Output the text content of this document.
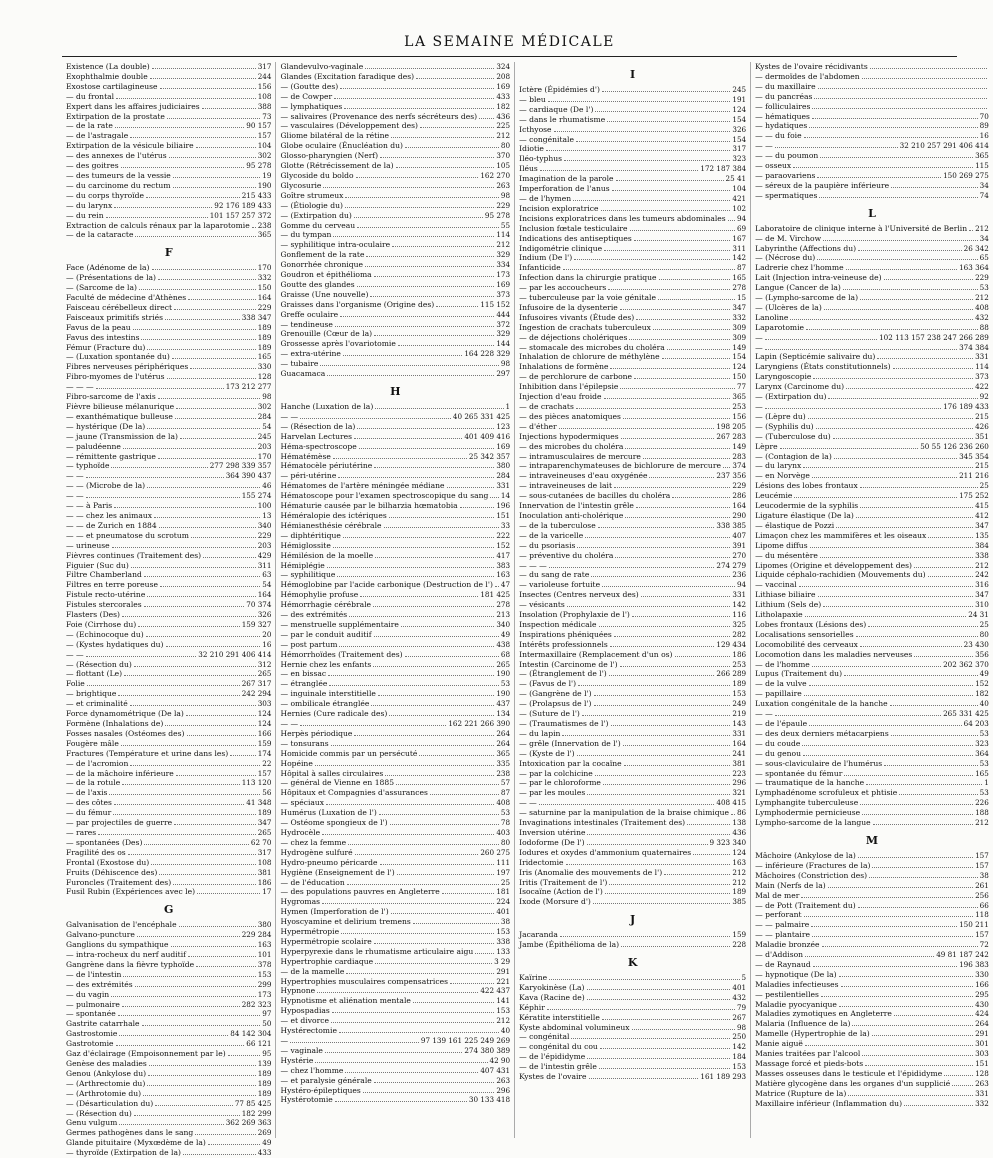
LA SEMAINE MÉDICALE
Existence (La double)	317
Exophthalmie double	244
Exostose cartilagineuse	156
— du frontal	108
Expert dans les affaires judiciaires	388
Extirpation de la prostate	73
— de la rate	90 157
— de l'astragale	157
Extirpation de la vésicule biliaire	104
— des annexes de l'utérus	302
— des goitres	95 278
— des tumeurs de la vessie	19
— du carcinome du rectum	190
— du corps thyroïde	215 433
— du larynx	92 176 189 433
— du rein	101 157 257 372
Extraction de calculs rénaux par la laparotomie 238
— de la cataracte	365
F
Face (Adénome de la)	170
— (Présentations de la)	332
— (Sarcome de la)	150
Faculté de médecine d'Athènes	164
Faisceau cérébelleux direct	229
Faisceaux primitifs striés	338 347
Favus de la peau	189
Favus des intestins	189
Fémur (Fracture du)	189
— (Luxation spontanée du)	165
Fibres nerveuses périphériques	330
Fibro-myomes de l'utérus	128
— — —	173 212 277
Fibro-sarcome de l'axis	98
Fièvre bilieuse mélanurique	302
— exanthématique bulleuse	284
— hystérique (De la)	54
— jaune (Transmission de la)	245
— paludéenne	203
— rémittente gastrique	170
— typhoïde	277 298 339 357
— —	364 390 437
— — (Microbe de la)	46
— —	155 274
— — à Paris	100
— — chez les animaux	13
— — de Zurich en 1884	340
— — et pneumatose du scrotum	229
— urineuse	203
Fièvres continues (Traitement des)	429
Figuier (Suc du)	311
Filtre Chamberland	63
Filtres en terre poreuse	54
Fistule recto-utérine	164
Fistules stercorales	70 374
Flasters (Des)	326
Foie (Cirrhose du)	159 327
— (Echinocoque du)	20
— (Kystes hydatiques du)	16
— —	32 210 291 406 414
— (Résection du)	312
— flottant (Le)	265
Folie	267 317
— brightique	242 294
— et criminalité	303
Force dynamométrique (De la)	124
Formène (Inhalations de)	124
Fosses nasales (Ostéomes des)	166
Fougère mâle	159
Fractures (Température et urine dans les)	174
— de l'acromion	22
— de la mâchoire inférieure	157
— de la rotule	113 120
— de l'axis	56
— des côtes	41 348
— du fémur	189
— par projectiles de guerre	347
— rares	265
— spontanées (Des)	62 70
Fragilité des os	317
Frontal (Exostose du)	108
Fruits (Déhiscence des)	381
Furoncles (Traitement des)	186
Fusil Rubin (Expériences avec le)	17
G
Galvanisation de l'encéphale	380
Galvano-puncture	229 284
Ganglions du sympathique	163
— intra-rocheux du nerf auditif	101
Gangrène dans la fièvre typhoïde	378
— de l'intestin	153
— des extrémités	299
— du vagin	173
— pulmonaire	282 323
— spontanée	97
Gastrite catarrhale	50
Gastrostomie	84 142 304
Gastrotomie	66 121
Gaz d'éclairage (Empoisonnement par le)	95
Genèse des maladies	139
Genou (Ankylose du)	189
— (Arthrectomie du)	189
— (Arthrotomie du)	189
— (Désarticulation du)	77 85 425
— (Résection du)	182 299
Genu vulgum	362 269 363
Germes pathogènes dans le sang	269
Glande pituitaire (Myxœdème de la)	49
— thyroïde (Extirpation de la)	433
Glandevulvo-vaginale	324
Glandes (Excitation faradique des)	208
— (Goutte des)	169
— de Cowper	433
— lymphatiques	182
— salivaires (Provenance des nerfs sécréteurs des)	436
— vasculaires (Développement des)	225
Gliome bilatéral de la rétine	212
Globe oculaire (Énucléation du)	80
Glosso-pharyngien (Nerf)	370
Glotte (Rétrécissement de la)	105
Glycoside du boldo	162 270
Glycosurie	263
Goître strumeux	98
— (Étiologie du)	229
— (Extirpation du)	95 278
Gomme du cerveau	55
— du tympan	114
— syphilitique intra-oculaire	212
Gonflement de la rate	329
Gonorrhée chronique	334
Goudron et épithélioma	173
Goutte des glandes	169
Graisse (Une nouvelle)	373
Graisses dans l'organisme (Origine des)	115 152
Greffe oculaire	444
— tendineuse	372
Grenouille (Cœur de la)	329
Grossesse après l'ovariotomie	144
— extra-utérine	164 228 329
— tubaire	98
Guacamaca	297
H
Hanche (Luxation de la)	1
— —	40 265 331 425
— (Résection de la)	123
Harvelan Lectures	401 409 416
Héma-spectroscope	169
Hématémèse	25 342 357
Hématocèle périutérine	380
— péri-utérine	284
Hématomes de l'artère méningée médiane	331
Hématoscope pour l'examen spectroscopique du sang 14
Hématurie causée par le bilharzia hœmatobia	196
Héméralopie des ictériques	151
Hémianesthésie cérébrale	33
— diphtéritique	222
Hémiglossite	152
Hémilésion de la moelle	417
Hémiplégie	383
— syphilitique	163
Hémoglobine par l'acide carbonique (Destruction de l') 47
Hémophylie profuse	181 425
Hémorrhagie cérébrale	278
— des extrémités	213
— menstruelle supplémentaire	340
— par le conduit auditif	49
— post partum	438
Hémorrhoïdes (Traitement des)	68
Hernie chez les enfants	265
— en bissac	190
— étranglée	53
— inguinale interstitielle	190
— ombilicale étranglée	437
Hernies (Cure radicale des)	134
— —	162 221 266 390
Herpès périodique	264
— tonsurans	264
Homicide commis par un persécuté	365
Hopéine	335
Hôpital à salles circulaires	238
— général de Vienne en 1885	57
Hôpitaux et Compagnies d'assurances	87
— spéciaux	408
Humérus (Luxation de l')	53
— Ostéome spongieux de l')	78
Hydrocèle	403
— chez la femme	80
Hydrogène sulfuré	260 275
Hydro-pneumo péricarde	111
Hygiène (Enseignement de l')	197
— de l'éducation	25
— des populations pauvres en Angleterre	181
Hygromas	224
Hymen (Imperforation de l')	401
Hyoscyamine et delirium tremens	38
Hypermétropie	153
Hypermétropie scolaire	338
Hyperpyrexie dans le rhumatisme articulaire aigu	133
Hypertrophie cardiaque	3 29
— de la mamelle	291
Hypertrophies musculaires compensatrices	221
Hypnone	422 437
Hypnotisme et aliénation mentale	141
Hypospadias	153
— et divorce	212
Hystérectomie	40
—	97 139 161 225 249 269
— vaginale	274 380 389
Hystérie	42 90
— chez l'homme	407 431
— et paralysie générale	263
Hystéro-épileptiques	296
Hystérotomie	30 133 418
I
Ictère (Épidémies d')	245
— bleu	191
— cardiaque (De l')	124
— dans le rhumatisme	154
Icthyose	326
— congénitale	154
Idiotie	317
Iléo-typhus	323
Iléus	172 187 384
Imagination de la parole	25 41
Imperforation de l'anus	104
— de l'hymen	421
Incision exploratrice	102
Incisions exploratrices dans les tumeurs abdominales 94
Inclusion fœtale testiculaire	69
Indications des antiseptiques	167
Indigométrie clinique	311
Indium (De l')	142
Infanticide	87
Infection dans la chirurgie pratique	165
— par les accoucheurs	278
— tuberculeuse par la voie génitale	15
Infusoire de la dysenterie	347
Infusoires vivants (Étude des)	332
Ingestion de crachats tuberculeux	309
— de déjections cholériques	309
— stomacale des microbes du choléra	149
Inhalation de chlorure de méthylène	154
Inhalations de formène	124
— de perchlorure de carbone	150
Inhibition dans l'épilepsie	77
Injection d'eau froide	365
— de crachats	253
— des pièces anatomiques	156
— d'éther	198 205
Injections hypodermiques	267 283
— des microbes du choléra	149
— intramusculaires de mercure	283
— intraparenchymateuses de bichlorure de mercure 374
— intraveineuses d'eau oxygénée	237 356
— intraveineuses de lait	229
— sous-cutanées de bacilles du choléra	286
Innervation de l'intestin grêle	164
Inoculation anti-cholérique	290
— de la tuberculose	338 385
— de la varicelle	407
— du psoriasis	391
— préventive du choléra	270
— — —	274 279
— du sang de rate	236
— varioleuse fortuite	94
Insectes (Centres nerveux des)	331
— vésicants	142
Insolation (Prophylaxie de l')	116
Inspection médicale	325
Inspirations phéniquées	282
Intérêts professionnels	129 434
Intermaxillaire (Remplacement d'un os)	186
Intestin (Carcinome de l')	253
— (Étranglement de l')	266 289
— (Favus de l')	189
— (Gangrène de l')	153
— (Prolapsus de l')	249
— (Suture de l')	219
— (Traumatismes de l')	143
— du lapin	331
— grêle (Innervation de l')	164
— (Kyste de l')	241
Intoxication par la cocaïne	381
— par la colchicine	223
— par le chloroforme	296
— par les moules	321
— —	408 415
— saturnine par la manipulation de la braise chimique 86
Invaginations intestinales (Traitement des)	138
Inversion utérine	436
Iodoforme (De l')	9 323 340
Iodures et oxydes d'ammonium quaternaires	124
Iridectomie	163
Iris (Anomalie des mouvements de l')	212
Iritis (Traitement de l')	212
Isocaïne (Action de l')	189
Ixode (Morsure d')	385
J
Jacaranda	159
Jambe (Épithélioma de la)	228
K
Kaïrine	5
Karyokinèse (La)	401
Kava (Racine de)	432
Képhir	79
Kératite interstitielle	267
Kyste abdominal volumineux	98
— congénital	250
— congénital du cou	142
— de l'épididyme	184
— de l'intestin grêle	153
Kystes de l'ovaire	161 189 293
Kystes de l'ovaire récidivants
— dermoïdes de l'abdomen
— du maxillaire
— du pancréas
— folliculaires
— hématiques	70
— hydatiques	89
— — du foie	16
— —	32 210 257 291 406 414
— — du poumon	365
— osseux	115
— paraovariens	150 269 275
— séreux de la paupière inférieure	34
— spermatiques	74
L
Laboratoire de clinique interne à l'Université de Berlin 212
— de M. Virchow	34
Labyrinthe (Affections du)	26 342
— (Nécrose du)	65
Ladrerie chez l'homme	163 364
Lait (Injection intra-veineuse de)	229
Langue (Cancer de la)	53
— (Lympho-sarcome de la)	212
— (Ulcères de la)	408
Lanoline	432
Laparotomie	88
—	102 113 157 238 247 266 289
—	374 384
Lapin (Septicémie salivaire du)	331
Laryngiens (États constitutionnels)	114
Laryngoscopie	373
Larynx (Carcinome du)	422
— (Extirpation du)	92
—	176 189 433
— (Lèpre du)	215
— (Syphilis du)	426
— (Tuberculose du)	351
Lèpre	50 55 126 236 260
— (Contagion de la)	345 354
— du larynx	215
— en Norvège	211 216
Lésions des lobes frontaux	25
Leucémie	175 252
Leucodermie de la syphilis	415
Ligature élastique (De la)	412
— élastique de Pozzi	347
Limaçon chez les mammifères et les oiseaux	135
Lipome diffus	384
— du mésentère	338
Lipomes (Origine et développement des)	212
Liquide céphalo-rachidien (Mouvements du)	242
— vaccinal	316
Lithiase biliaire	347
Lithium (Sels de)	310
Litholapaxie	24 31
Lobes frontaux (Lésions des)	25
Localisations sensorielles	80
Locomobilité des cerveaux	23 430
Locomotion dans les maladies nerveuses	356
— de l'homme	202 362 370
Lupus (Traitement du)	49
— de la vulve	152
— papillaire	182
Luxation congénitale de la hanche	40
— —	265 331 425
— de l'épaule	64 203
— des deux derniers métacarpiens	53
— du coude	323
— du genou	364
— sous-claviculaire de l'humérus	53
— spontanée du fémur	165
— traumatique de la hanche	1
Lymphadénome scrofuleux et phtisie	53
Lymphangite tuberculeuse	226
Lymphodermie pernicieuse	188
Lympho-sarcome de la langue	212
M
Mâchoire (Ankylose de la)	157
— inférieure (Fractures de la)	157
Mâchoires (Constriction des)	38
Main (Nerfs de la)	261
Mal de mer	256
— de Pott (Traitement du)	66
— perforant	118
— — palmaire	150 211
— — plantaire	157
Maladie bronzée	72
— d'Addison	49 81 187 242
— de Raynaud	196 383
— hypnotique (De la)	330
Maladies infectieuses	166
— pestilentielles	295
Maladie pyocyanique	430
Maladies zymotiques en Angleterre	424
Malaria (Influence de la)	264
Mamelle (Hypertrophie de la)	291
Manie aiguë	301
Manies traitées par l'alcool	303
Massage forcé et pieds-bots	151
Masses osseuses dans le testicule et l'épididyme	128
Matière glycogène dans les organes d'un supplicié	263
Matrice (Rupture de la)	331
Maxillaire inférieur (Inflammation du)	332
